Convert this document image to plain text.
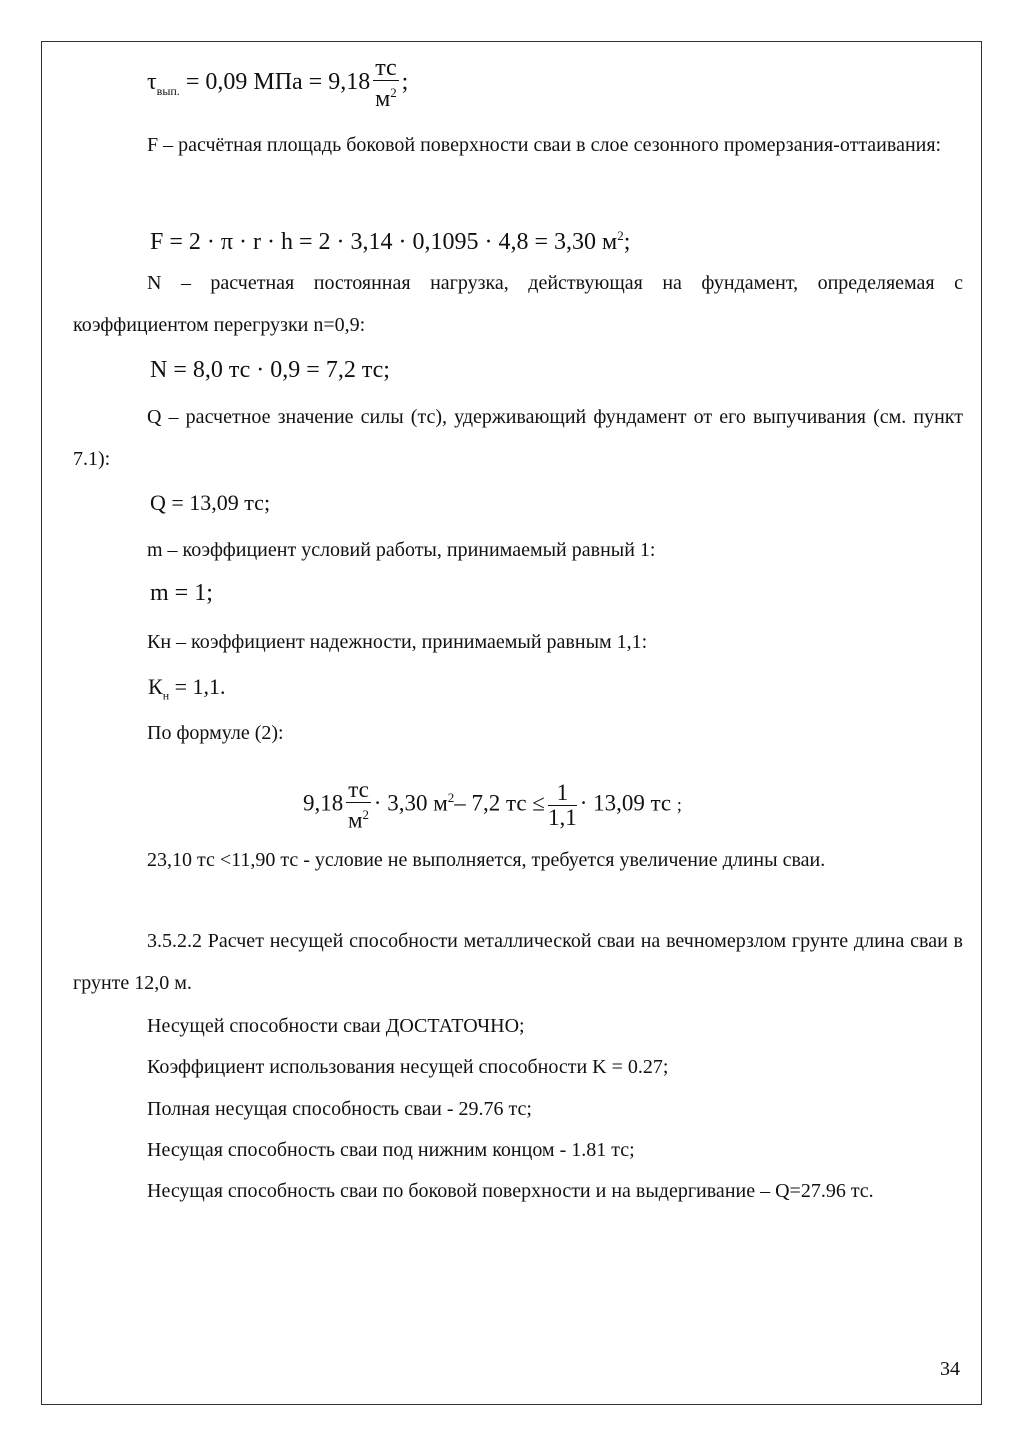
$\tau_{вып.} = 0,09$ МПа = $9,18 \frac{тс}{м^2}$ ;
F – расчётная площадь боковой поверхности сваи в слое сезонного промерзания-оттаивания:
F = 2 · π · r · h = 2 · 3,14 · 0,1095 · 4,8 = 3,30 $м^2$;
N – расчетная постоянная нагрузка, действующая на фундамент, определяемая с коэффициентом перегрузки n=0,9:
N = 8,0 тс · 0,9 = 7,2 тс;
Q – расчетное значение силы (тс), удерживающий фундамент от его выпучивания (см. пункт 7.1):
Q = 13,09 тс;
m – коэффициент условий работы, принимаемый равный 1:
m = 1;
Кн – коэффициент надежности, принимаемый равным 1,1:
$К_н = 1,1$.
По формуле (2):
$9,18 \frac{тс}{м^2} \cdot 3,30$ $м^2-$ 7,2 тс ≤ $\frac{1}{1,1} \cdot 13,09$ тс ;
23,10 тс <11,90 тс - условие не выполняется, требуется увеличение длины сваи.
3.5.2.2 Расчет несущей способности металлической сваи на вечномерзлом грунте длина сваи в грунте 12,0 м.
Несущей способности сваи ДОСТАТОЧНО;
Коэффициент использования несущей способности K = 0.27;
Полная несущая способность сваи - 29.76 тс;
Несущая способность сваи под нижним концом - 1.81 тс;
Несущая способность сваи по боковой поверхности и на выдергивание – Q=27.96 тс.
34
